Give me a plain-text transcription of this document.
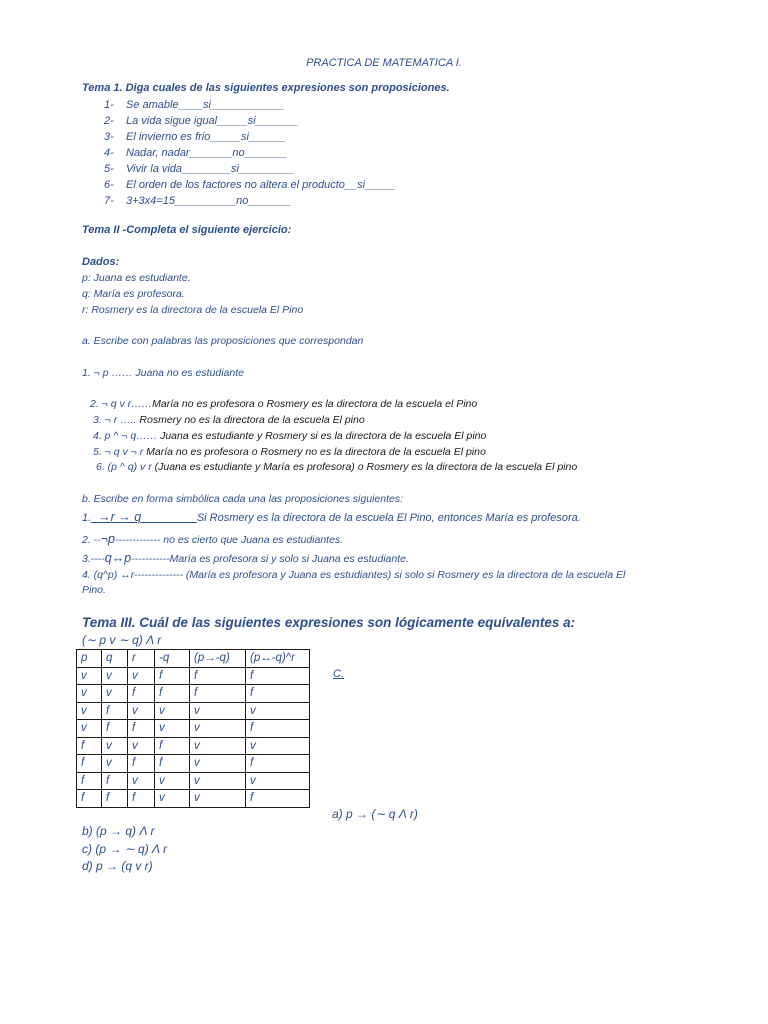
PRACTICA DE MATEMATICA I.
Tema 1. Diga cuales de las siguientes expresiones son proposiciones.
1- Se amable____si____________
2- La vida sigue igual_____si_______
3- El invierno es frio_____si______
4- Nadar, nadar_______no_______
5- Vivir la vida________si_________
6- El orden de los factores no altera el producto__si_____
7- 3+3x4=15__________no_______
Tema II -Completa el siguiente ejercicio:
Dados:
p: Juana es estudiante.
q: María es profesora.
r: Rosmery es la directora de la escuela El Pino
a. Escribe con palabras las proposiciones que correspondan
1. ¬ p …… Juana no es estudiante
2. ¬ q v r……María no es profesora o Rosmery es la directora de la escuela el Pino
3. ¬ r ….. Rosmery no es la directora de la escuela El pino
4. p ^ ¬ q…… Juana es estudiante y Rosmery si es la directora de la escuela El pino
5. ¬ q v ¬ r María no es profesora o Rosmery no es la directora de la escuela El pino
6. (p ^ q) v r (Juana es estudiante y María es profesora) o Rosmery es la directora de la escuela El pino
b. Escribe en forma simbólica cada una las proposiciones siguientes:
1._→r → q________Si Rosmery es la directora de la escuela El Pino, entonces María es profesora.
2. --¬p------------- no es cierto que Juana es estudiantes.
3.----q↔p-----------María es profesora si y solo si Juana es estudiante.
4. (q^p) ↔r-------------- (María es profesora y Juana es estudiantes) si solo si Rosmery es la directora de la escuela El
Pino.
Tema III. Cuál de las siguientes expresiones son lógicamente equivalentes a:
(∼ p v ∼ q) Λ r
p	q	r	-q	(p→-q)	(p↔-q)^r
v	v	v	f	f	f
v	v	f	f	f	f
v	f	v	v	v	v
v	f	f	v	v	f
f	v	v	f	v	v
f	v	f	f	v	f
f	f	v	v	v	v
f	f	f	v	v	f
C.
a) p → (∼ q Λ r)
b) (p → q) Λ r
c) (p → ∼ q) Λ r
d) p → (q v r)
